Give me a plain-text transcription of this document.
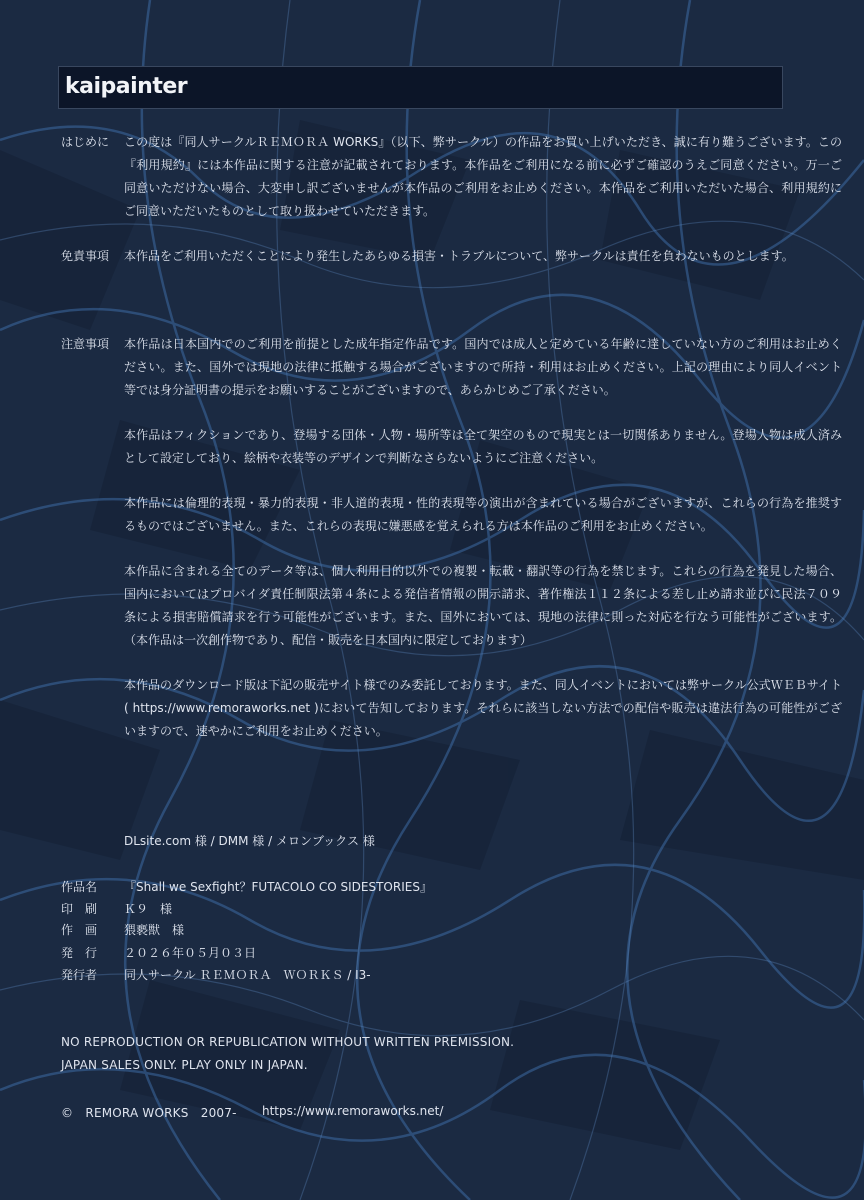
kaipainter
はじめに	この度は『同人サークルＲＥＭＯＲＡ WORKS』（以下、弊サークル）の作品をお買い上げいただき、誠に有り難うございます。この『利用規約』には本作品に関する注意が記載されております。本作品をご利用になる前に必ずご確認のうえご同意ください。万一ご同意いただけない場合、大変申し訳ございませんが本作品のご利用をお止めください。本作品をご利用いただいた場合、利用規約にご同意いただいたものとして取り扱わせていただきます。
免責事項	本作品をご利用いただくことにより発生したあらゆる損害・トラブルについて、弊サークルは責任を負わないものとします。
注意事項	本作品は日本国内でのご利用を前提とした成年指定作品です。国内では成人と定めている年齢に達していない方のご利用はお止めください。また、国外では現地の法律に抵触する場合がございますので所持・利用はお止めください。上記の理由により同人イベント等では身分証明書の提示をお願いすることがございますので、あらかじめご了承ください。
本作品はフィクションであり、登場する団体・人物・場所等は全て架空のもので現実とは一切関係ありません。登場人物は成人済みとして設定しており、絵柄や衣装等のデザインで判断なさらないようにご注意ください。
本作品には倫理的表現・暴力的表現・非人道的表現・性的表現等の演出が含まれている場合がございますが、これらの行為を推奨するものではございません。また、これらの表現に嫌悪感を覚えられる方は本作品のご利用をお止めください。
本作品に含まれる全てのデータ等は、個人利用目的以外での複製・転載・翻訳等の行為を禁じます。これらの行為を発見した場合、国内においてはプロバイダ責任制限法第４条による発信者情報の開示請求、著作権法１１２条による差し止め請求並びに民法７０９条による損害賠償請求を行う可能性がございます。また、国外においては、現地の法律に則った対応を行なう可能性がございます。（本作品は一次創作物であり、配信・販売を日本国内に限定しております）
本作品のダウンロード版は下記の販売サイト様でのみ委託しております。また、同人イベントにおいては弊サークル公式ＷＥＢサイト( https://www.remoraworks.net )において告知しております。それらに該当しない方法での配信や販売は違法行為の可能性がございますので、速やかにご利用をお止めください。
DLsite.com 様 / DMM 様 / メロンブックス 様
作品名 『Shall we Sexfight？FUTACOLO CO SIDESTORIES』
印　刷 Ｋ９　様
作　画 猥褻獣　様
発　行 ２０２６年０５月０３日
発行者 同人サークル ＲＥＭＯＲＡ　ＷＯＲＫＳ / I3-
NO REPRODUCTION OR REPUBLICATION WITHOUT WRITTEN PREMISSION.
JAPAN SALES ONLY. PLAY ONLY IN JAPAN.
©　REMORA WORKS　2007- https://www.remoraworks.net/
